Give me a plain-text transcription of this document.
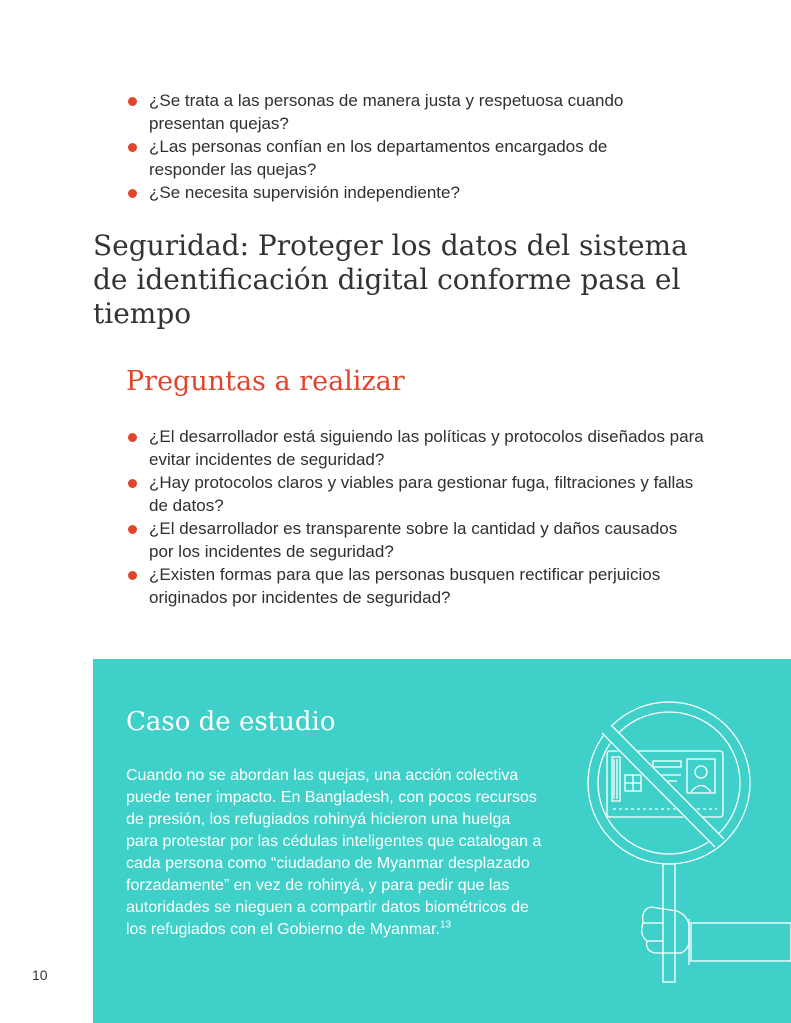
¿Se trata a las personas de manera justa y respetuosa cuando presentan quejas?
¿Las personas confían en los departamentos encargados de responder las quejas?
¿Se necesita supervisión independiente?
Seguridad: Proteger los datos del sistema de identificación digital conforme pasa el tiempo
Preguntas a realizar
¿El desarrollador está siguiendo las políticas y protocolos diseñados para evitar incidentes de seguridad?
¿Hay protocolos claros y viables para gestionar fuga, filtraciones y fallas de datos?
¿El desarrollador es transparente sobre la cantidad y daños causados por los incidentes de seguridad?
¿Existen formas para que las personas busquen rectificar perjuicios originados por incidentes de seguridad?
Caso de estudio

Cuando no se abordan las quejas, una acción colectiva puede tener impacto. En Bangladesh, con pocos recursos de presión, los refugiados rohinyá hicieron una huelga para protestar por las cédulas inteligentes que catalogan a cada persona como “ciudadano de Myanmar desplazado forzadamente” en vez de rohinyá, y para pedir que las autoridades se nieguen a compartir datos biométricos de los refugiados con el Gobierno de Myanmar.$^{13}$

10
